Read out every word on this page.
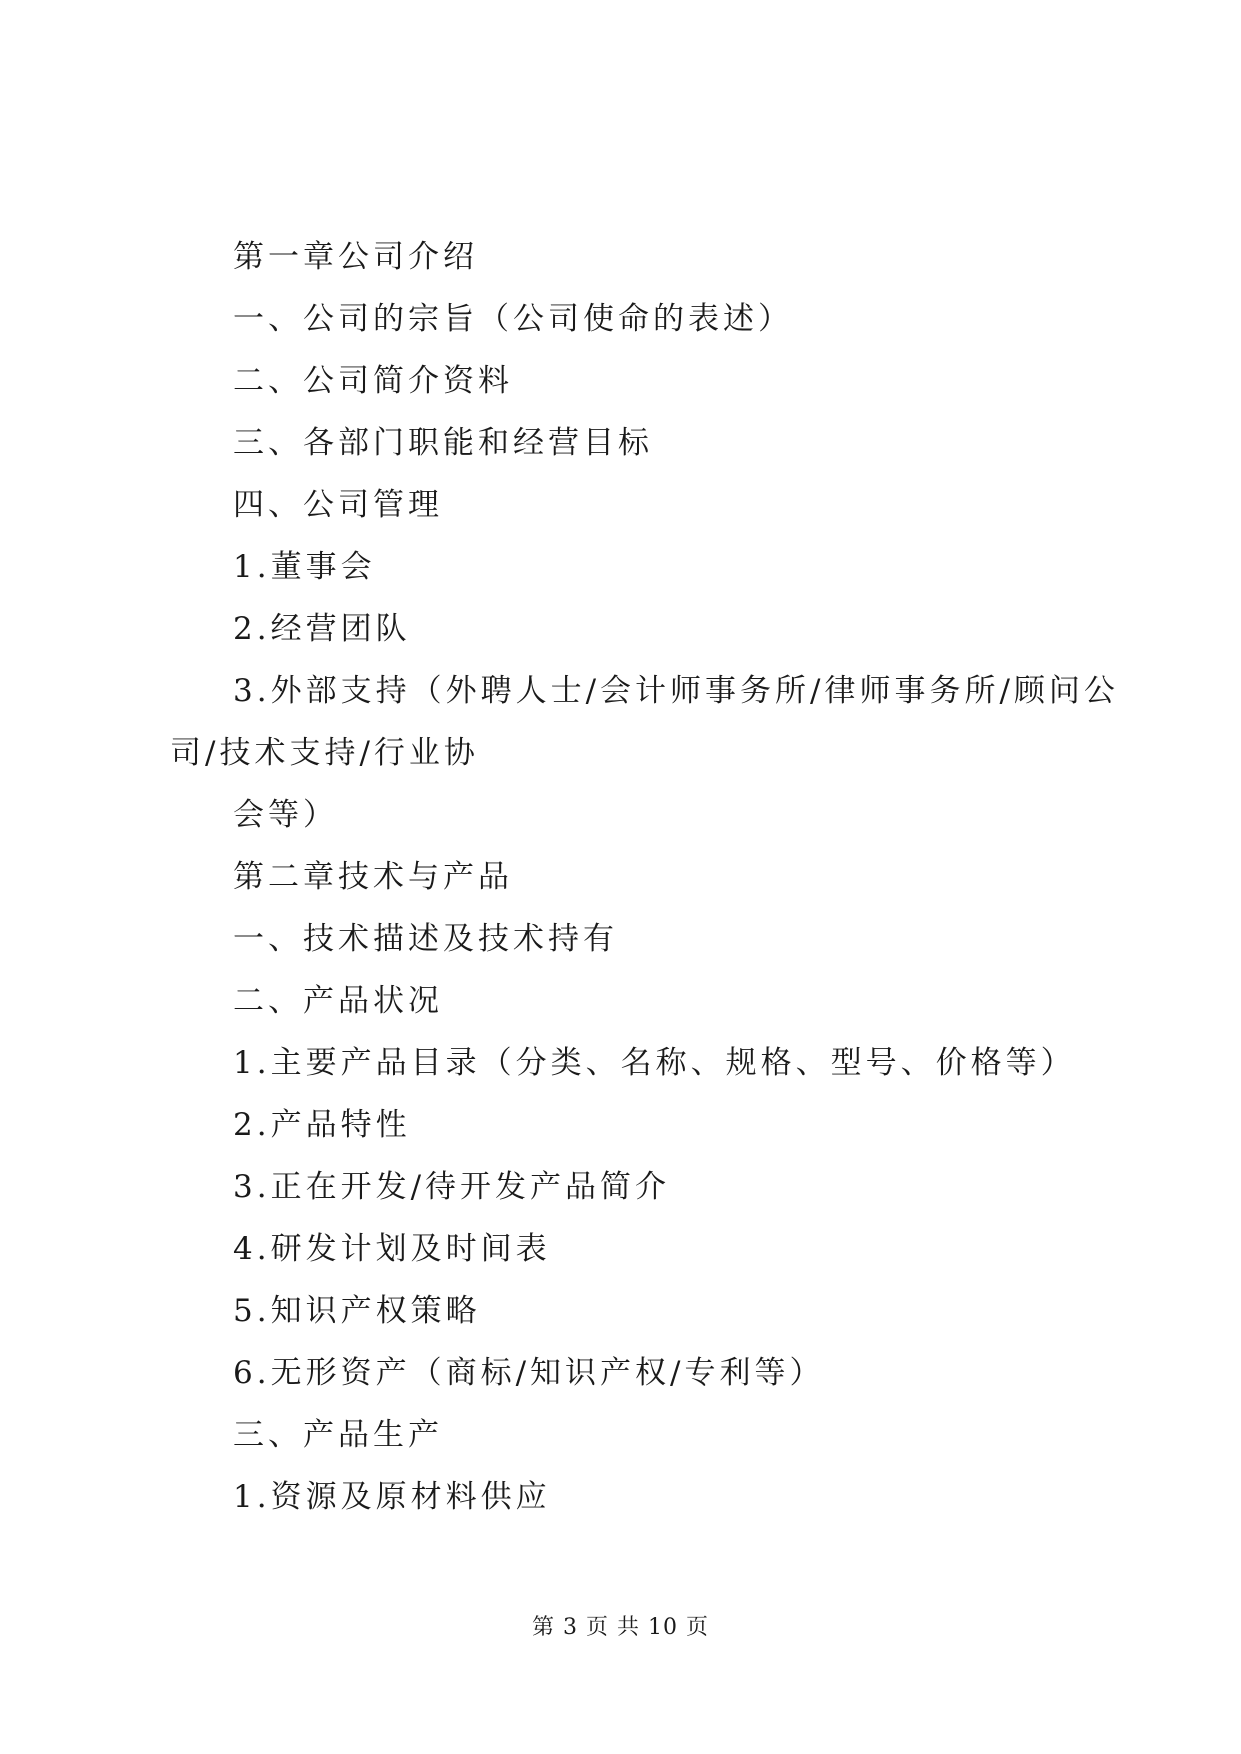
第一章公司介绍
一、公司的宗旨（公司使命的表述）
二、公司简介资料
三、各部门职能和经营目标
四、公司管理
1.董事会
2.经营团队
3.外部支持（外聘人士/会计师事务所/律师事务所/顾问公
司/技术支持/行业协
会等）
第二章技术与产品
一、技术描述及技术持有
二、产品状况
1.主要产品目录（分类、名称、规格、型号、价格等）
2.产品特性
3.正在开发/待开发产品简介
4.研发计划及时间表
5.知识产权策略
6.无形资产（商标/知识产权/专利等）
三、产品生产
1.资源及原材料供应
第 3 页 共 10 页
